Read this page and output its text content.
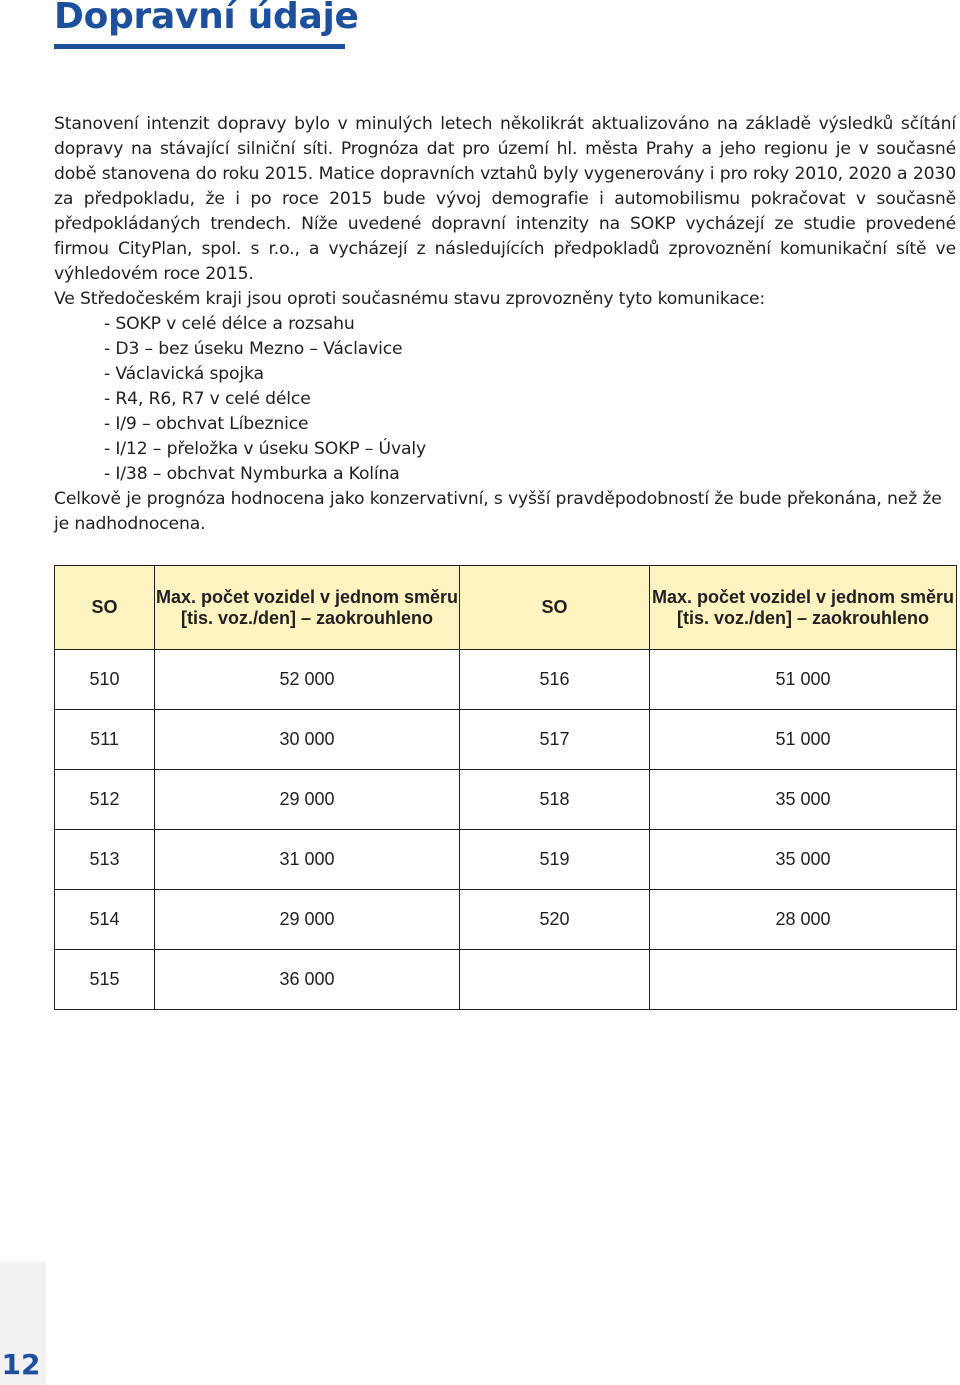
Dopravní údaje

Stanovení intenzit dopravy bylo v minulých letech několikrát aktualizováno na základě výsledků sčítání dopravy na stávající silniční síti. Prognóza dat pro území hl. města Prahy a jeho regionu je v současné době stanovena do roku 2015. Matice dopravních vztahů byly vygenerovány i pro roky 2010, 2020 a 2030 za předpokladu, že i po roce 2015 bude vývoj demografie i automobilismu pokračovat v současně předpokládaných trendech. Níže uvedené dopravní intenzity na SOKP vycházejí ze studie provedené firmou CityPlan, spol. s r.o., a vycházejí z následujících předpokladů zprovoznění komunikační sítě ve výhledovém roce 2015.

Ve Středočeském kraji jsou oproti současnému stavu zprovozněny tyto komunikace:

- SOKP v celé délce a rozsahu
- D3 – bez úseku Mezno – Václavice
- Václavická spojka
- R4, R6, R7 v celé délce
- I/9 – obchvat Líbeznice
- I/12 – přeložka v úseku SOKP – Úvaly
- I/38 – obchvat Nymburka a Kolína

Celkově je prognóza hodnocena jako konzervativní, s vyšší pravděpodobností že bude překonána, než že je nadhodnocena.

SO	Max. počet vozidel v jednom směru [tis. voz./den] – zaokrouhleno	SO	Max. počet vozidel v jednom směru [tis. voz./den] – zaokrouhleno
510	52 000	516	51 000
511	30 000	517	51 000
512	29 000	518	35 000
513	31 000	519	35 000
514	29 000	520	28 000
515	36 000		
12
